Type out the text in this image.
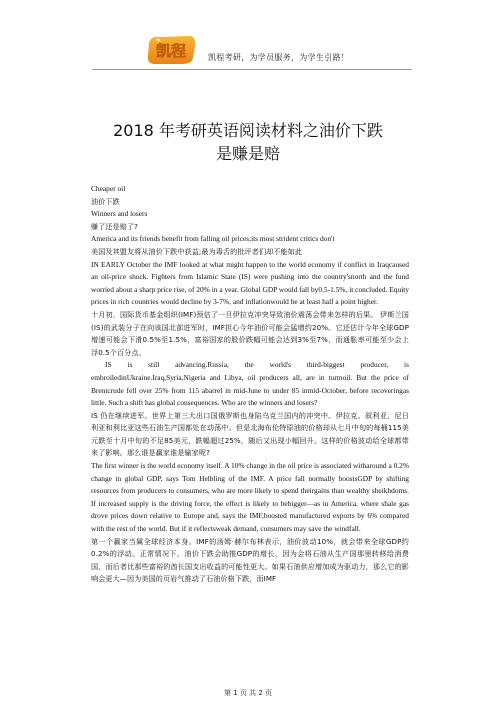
凯程	凯程考研，为学员服务，为学生引路！
2018 年考研英语阅读材料之油价下跌
是赚是赔

Cheaper oil

油价下跌

Winners and losers

赚了还是赔了?

America and its friends benefit from falling oil prices;its most strident critics don't

美国及其盟友将从油价下跌中获益;最为毒舌的批评者们却不能如此

IN EARLY October the IMF looked at what might happen to the world economy if conflict in Iraqcaused an oil-price shock. Fighters from Islamic State (IS) were pushing into the country'snorth and the fund worried about a sharp price rise, of 20% in a year. Global GDP would fall by0.5-1.5%, it concluded. Equity prices in rich countries would decline by 3-7%, and inflationwould be at least half a point higher.

十月初，国际货币基金组织(IMF)预估了一旦伊拉克冲突导致油价震荡会带来怎样的后果。 伊斯兰国(IS)的武装分子在向该国北部进军时，IMF担心今年油价可能会猛增约20%。它还估计今年全球GDP增速可能会下滑0.5%至1.5%，富裕国家的股价跌幅可能会达到3%至7%，而通胀率可能至少会上浮0.5个百分点。

IS is still advancing.Russia, the world's third-biggest producer, is embroiledinUkraine.Iraq,Syria,Nigeria and Libya, oil producers all, are in turmoil. But the price of Brentcrude fell over 25% from 115 abarrel in mid-June to under 85 inmid-October, before recoveringas little. Such a shift has global consequences. Who are the winners and losers?

IS 仍在继续进军。世界上第三大出口国俄罗斯也身陷乌克兰国内的冲突中。伊拉克、叙利亚、尼日利亚和利比亚这些石油生产国都处在动荡中。但是北海布伦特原油的价格却从七月中旬的每桶115美元跌至十月中旬的不足85美元，跌幅超过25%，随后又出现小幅回升。这样的价格波动给全球都带来了影响。那么谁是赢家谁是输家呢?

The first winner is the world economy itself. A 10% change in the oil price is associated witharound a 0.2% change in global GDP, says Tom Helbling of the IMF. A price fall normally boostsGDP by shifting resources from producers to consumers, who are more likely to spend theirgains than wealthy sheikhdoms. If increased supply is the driving force, the effect is likely to bebigger—as in America, where shale gas drove prices down relative to Europe and, says the IMF,boosted manufactured exports by 6% compared with the rest of the world. But if it reflectsweak demand, consumers may save the windfall.

第一个赢家当属全球经济本身。IMF的汤姆·赫尔布林表示，油价波动10%，就会带来全球GDP约0.2%的浮动。正常情况下，油价下跌会助推GDP的增长，因为会将石油从生产国那里转移给消费国，而后者比那些富裕的酋长国支出收益的可能性更大。如果石油供应增加成为驱动力，那么它的影响会更大—因为美国的页岩气推动了石油价格下跌，而IMF

第 1 页 共 2 页
